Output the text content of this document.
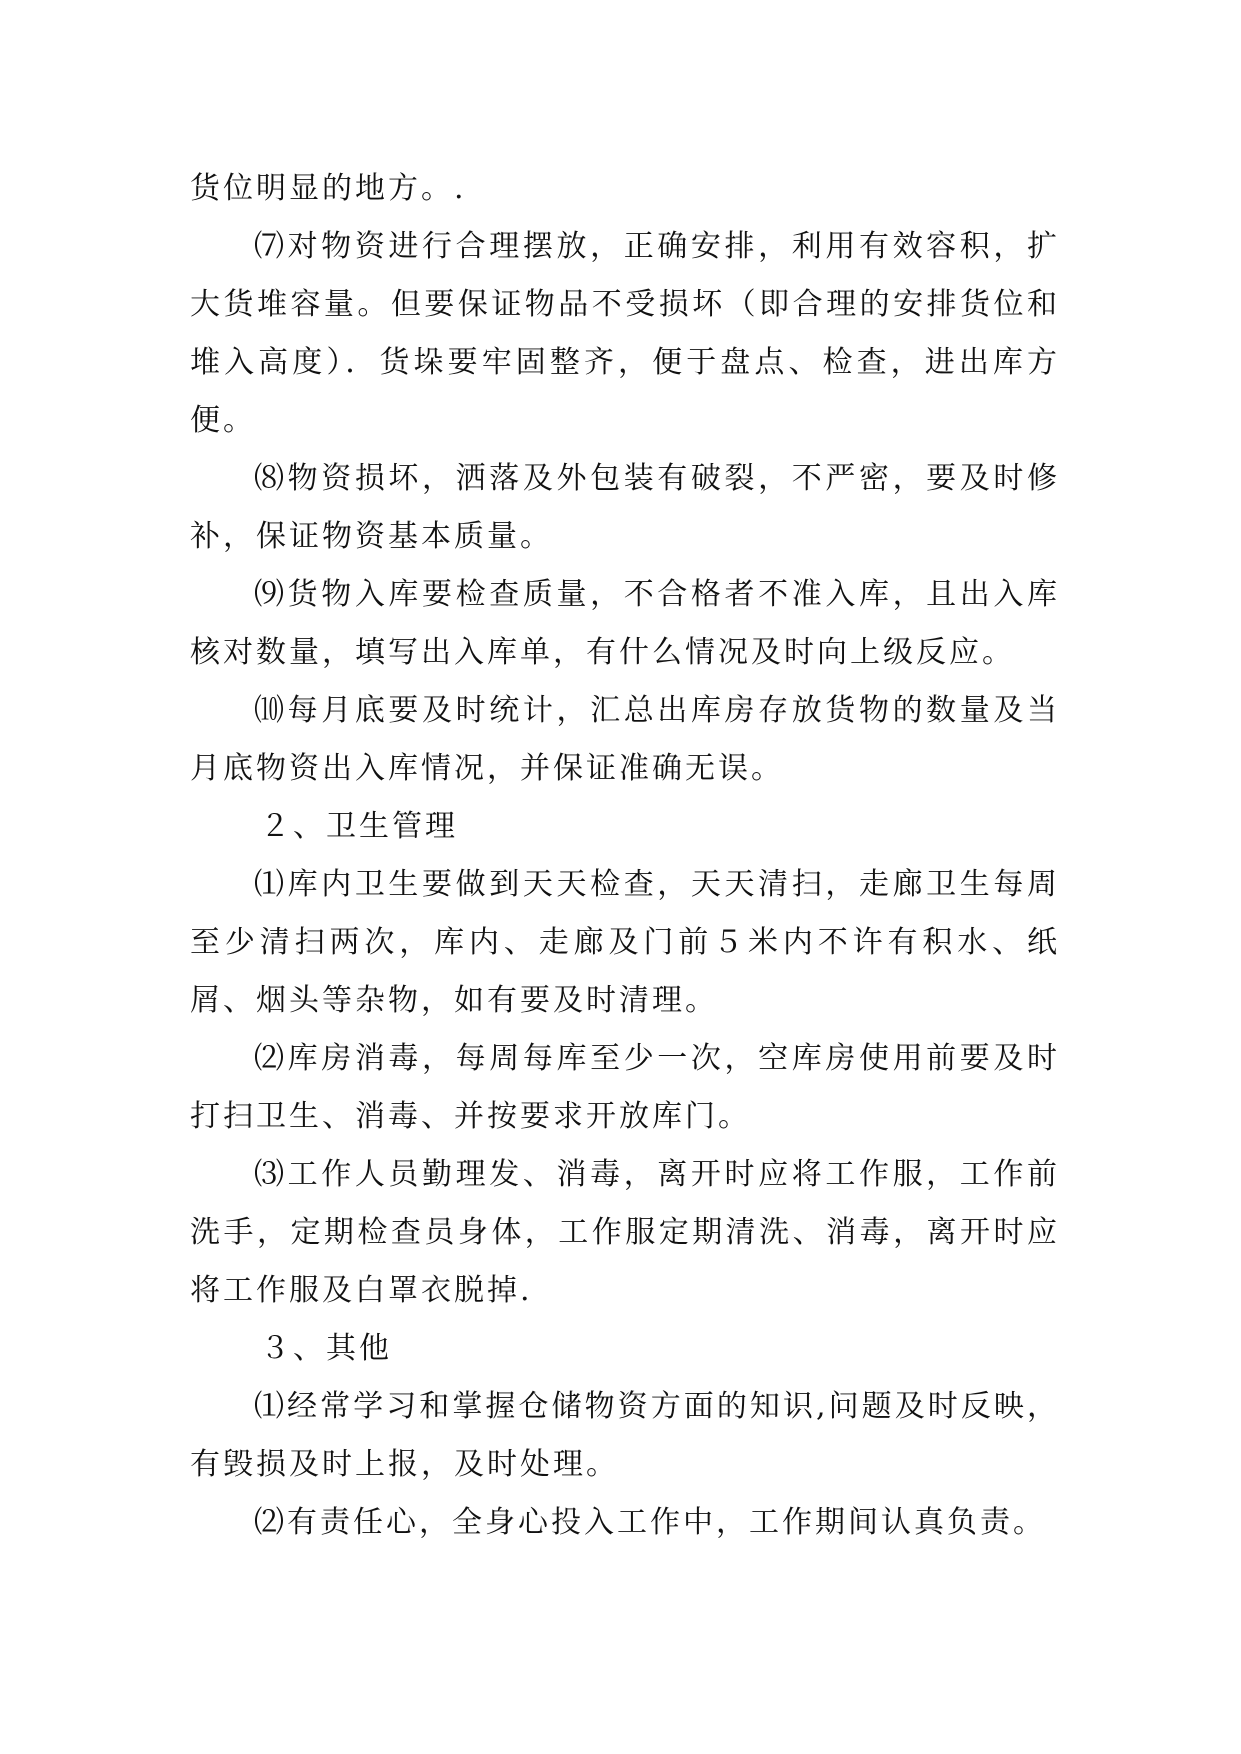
货位明显的地方。.

⑺对物资进行合理摆放，正确安排，利用有效容积，扩大货堆容量。但要保证物品不受损坏（即合理的安排货位和堆入高度）．货垛要牢固整齐，便于盘点、检查，进出库方便。

⑻物资损坏，洒落及外包装有破裂，不严密，要及时修补，保证物资基本质量。

⑼货物入库要检查质量，不合格者不准入库，且出入库核对数量，填写出入库单，有什么情况及时向上级反应。

⑽每月底要及时统计，汇总出库房存放货物的数量及当月底物资出入库情况，并保证准确无误。

２、卫生管理

⑴库内卫生要做到天天检查，天天清扫，走廊卫生每周至少清扫两次，库内、走廊及门前５米内不许有积水、纸屑、烟头等杂物，如有要及时清理。

⑵库房消毒，每周每库至少一次，空库房使用前要及时打扫卫生、消毒、并按要求开放库门。

⑶工作人员勤理发、消毒，离开时应将工作服，工作前洗手，定期检查员身体，工作服定期清洗、消毒，离开时应将工作服及白罩衣脱掉.

３、其他

⑴经常学习和掌握仓储物资方面的知识,问题及时反映，有毁损及时上报，及时处理。

⑵有责任心，全身心投入工作中，工作期间认真负责。
